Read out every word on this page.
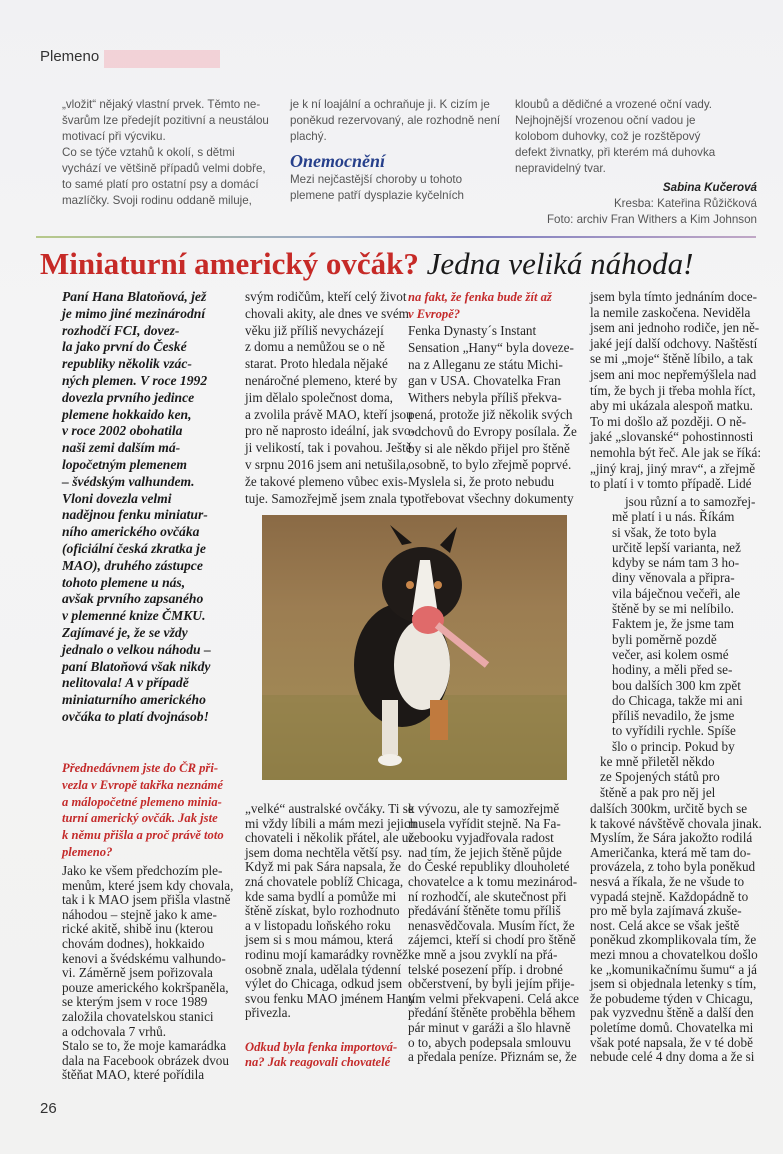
Plemeno
„vložit“ nějaký vlastní prvek. Těmto ne-
švarům lze předejít pozitivní a neustálou
motivací při výcviku.
Co se týče vztahů k okolí, s dětmi
vychází ve většině případů velmi dobře,
to samé platí pro ostatní psy a domácí
mazlíčky. Svoji rodinu oddaně miluje,
je k ní loajální a ochraňuje ji. K cizím je
poněkud rezervovaný, ale rozhodně není
plachý.
Onemocnění
Mezi nejčastější choroby u tohoto
plemene patří dysplazie kyčelních
kloubů a dědičné a vrozené oční vady.
Nejhojnější vrozenou oční vadou je
kolobom duhovky, což je rozštěpový
defekt živnatky, při kterém má duhovka
nepravidelný tvar.
Sabina Kučerová
Kresba: Kateřina Růžičková
Foto: archiv Fran Withers a Kim Johnson
Miniaturní americký ovčák? Jedna veliká náhoda!
Paní Hana Blatoňová, jež
je mimo jiné mezinárodní
rozhodčí FCI, dovez-
la jako první do České
republiky několik vzác-
ných plemen. V roce 1992
dovezla prvního jedince
plemene hokkaido ken,
v roce 2002 obohatila
naši zemi dalším má-
lopočetným plemenem
– švédským valhundem.
Vloni dovezla velmi
nadějnou fenku miniatur-
ního amerického ovčáka
(oficiální česká zkratka je
MAO), druhého zástupce
tohoto plemene u nás,
avšak prvního zapsaného
v plemenné knize ČMKU.
Zajímavé je, že se vždy
jednalo o velkou náhodu –
paní Blatoňová však nikdy
nelitovala! A v případě
miniaturního amerického
ovčáka to platí dvojnásob!
Přednedávnem jste do ČR při-
vezla v Evropě takřka neznámé
a málopočetné plemeno minia-
turní americký ovčák. Jak jste
k němu přišla a proč právě toto
plemeno?
Jako ke všem předchozím ple-
menům, které jsem kdy chovala,
tak i k MAO jsem přišla vlastně
náhodou – stejně jako k ame-
rické akitě, shibě inu (kterou
chovám dodnes), hokkaido
kenovi a švédskému valhundo-
vi. Záměrně jsem pořizovala
pouze amerického kokršpaněla,
se kterým jsem v roce 1989
založila chovatelskou stanici
a odchovala 7 vrhů.
Stalo se to, že moje kamarádka
dala na Facebook obrázek dvou
štěňat MAO, které pořídila
svým rodičům, kteří celý život
chovali akity, ale dnes ve svém
věku již příliš nevycházejí
z domu a nemůžou se o ně
starat. Proto hledala nějaké
nenáročné plemeno, které by
jim dělalo společnost doma,
a zvolila právě MAO, kteří jsou
pro ně naprosto ideální, jak svo-
ji velikostí, tak i povahou. Ještě
v srpnu 2016 jsem ani netušila,
že takové plemeno vůbec exis-
tuje. Samozřejmě jsem znala ty
„velké“ australské ovčáky. Ti se
mi vždy líbili a mám mezi jejich
chovateli i několik přátel, ale už
jsem doma nechtěla větší psy.
Když mi pak Sára napsala, že
zná chovatele poblíž Chicaga,
kde sama bydlí a pomůže mi
štěně získat, bylo rozhodnuto
a v listopadu loňského roku
jsem si s mou mámou, která
rodinu mojí kamarádky rovněž
osobně znala, udělala týdenní
výlet do Chicaga, odkud jsem
svou fenku MAO jménem Hany
přivezla.
Odkud byla fenka importová-
na? Jak reagovali chovatelé
na fakt, že fenka bude žít až
v Evropě?
Fenka Dynasty´s Instant
Sensation „Hany“ byla doveze-
na z Alleganu ze státu Michi-
gan v USA. Chovatelka Fran
Withers nebyla příliš překva-
pená, protože již několik svých
odchovů do Evropy posílala. Že
by si ale někdo přijel pro štěně
osobně, to bylo zřejmě poprvé.
Myslela si, že proto nebudu
potřebovat všechny dokumenty
k vývozu, ale ty samozřejmě
musela vyřídit stejně. Na Fa-
cebooku vyjadřovala radost
nad tím, že jejich štěně půjde
do České republiky dlouholeté
chovatelce a k tomu mezinárod-
ní rozhodčí, ale skutečnost při
předávání štěněte tomu příliš
nenasvědčovala. Musím říct, že
zájemci, kteří si chodí pro štěně
ke mně a jsou zvyklí na přá-
telské posezení příp. i drobné
občerstvení, by byli jejím přije-
tím velmi překvapeni. Celá akce
předání štěněte proběhla během
pár minut v garáži a šlo hlavně
o to, abych podepsala smlouvu
a předala peníze. Přiznám se, že
jsem byla tímto jednáním doce-
la nemile zaskočena. Neviděla
jsem ani jednoho rodiče, jen ně-
jaké její další odchovy. Naštěstí
se mi „moje“ štěně líbilo, a tak
jsem ani moc nepřemýšlela nad
tím, že bych ji třeba mohla říct,
aby mi ukázala alespoň matku.
To mi došlo až později. O ně-
jaké „slovanské“ pohostinnosti
nemohla být řeč. Ale jak se říká:
„jiný kraj, jiný mrav“, a zřejmě
to platí i v tomto případě. Lidé
jsou různí a to samozřej-
mě platí i u nás. Říkám
si však, že toto byla
určitě lepší varianta, než
kdyby se nám tam 3 ho-
diny věnovala a připra-
vila báječnou večeři, ale
štěně by se mi nelíbilo.
Faktem je, že jsme tam
byli poměrně pozdě
večer, asi kolem osmé
hodiny, a měli před se-
bou dalších 300 km zpět
do Chicaga, takže mi ani
příliš nevadilo, že jsme
to vyřídili rychle. Spíše
šlo o princip. Pokud by
ke mně přiletěl někdo
ze Spojených států pro
štěně a pak pro něj jel
dalších 300km, určitě bych se
k takové návštěvě chovala jinak.
Myslím, že Sára jakožto rodilá
Američanka, která mě tam do-
provázela, z toho byla poněkud
nesvá a říkala, že ne všude to
vypadá stejně. Každopádně to
pro mě byla zajímavá zkuše-
nost. Celá akce se však ještě
poněkud zkomplikovala tím, že
mezi mnou a chovatelkou došlo
ke „komunikačnímu šumu“ a já
jsem si objednala letenky s tím,
že pobudeme týden v Chicagu,
pak vyzvednu štěně a další den
poletíme domů. Chovatelka mi
však poté napsala, že v té době
nebude celé 4 dny doma a že si
26
